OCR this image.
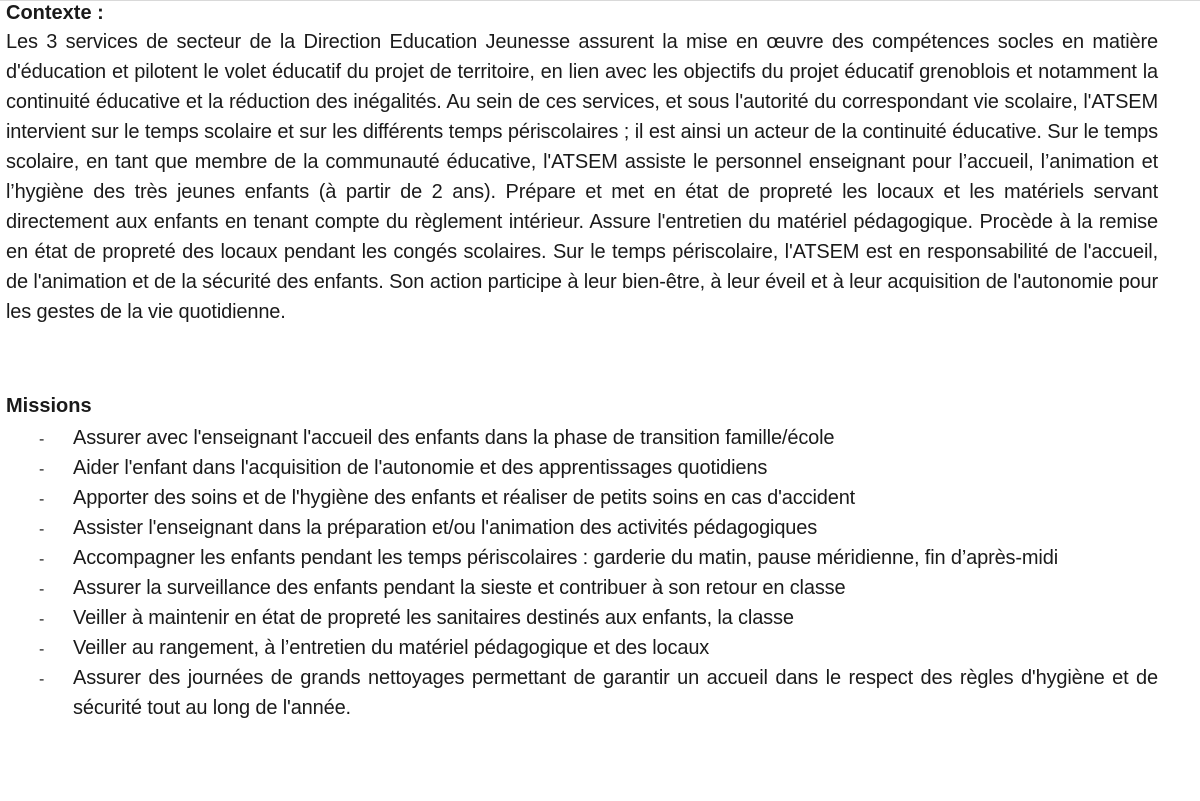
Contexte :

Les 3 services de secteur de la Direction Education Jeunesse assurent la mise en œuvre des compétences socles en matière d'éducation et pilotent le volet éducatif du projet de territoire, en lien avec les objectifs du projet éducatif grenoblois et notamment la continuité éducative et la réduction des inégalités. Au sein de ces services, et sous l'autorité du correspondant vie scolaire, l'ATSEM intervient sur le temps scolaire et sur les différents temps périscolaires ; il est ainsi un acteur de la continuité éducative. Sur le temps scolaire, en tant que membre de la communauté éducative, l'ATSEM assiste le personnel enseignant pour l’accueil, l’animation et l’hygiène des très jeunes enfants (à partir de 2 ans). Prépare et met en état de propreté les locaux et les matériels servant directement aux enfants en tenant compte du règlement intérieur. Assure l'entretien du matériel pédagogique. Procède à la remise en état de propreté des locaux pendant les congés scolaires. Sur le temps périscolaire, l'ATSEM est en responsabilité de l'accueil, de l'animation et de la sécurité des enfants. Son action participe à leur bien-être, à leur éveil et à leur acquisition de l'autonomie pour les gestes de la vie quotidienne.

Missions
- Assurer avec l'enseignant l'accueil des enfants dans la phase de transition famille/école
- Aider l'enfant dans l'acquisition de l'autonomie et des apprentissages quotidiens
- Apporter des soins et de l'hygiène des enfants et réaliser de petits soins en cas d'accident
- Assister l'enseignant dans la préparation et/ou l'animation des activités pédagogiques
- Accompagner les enfants pendant les temps périscolaires : garderie du matin, pause méridienne, fin d’après-midi
- Assurer la surveillance des enfants pendant la sieste et contribuer à son retour en classe
- Veiller à maintenir en état de propreté les sanitaires destinés aux enfants, la classe
- Veiller au rangement, à l’entretien du matériel pédagogique et des locaux
- Assurer des journées de grands nettoyages permettant de garantir un accueil dans le respect des règles d'hygiène et de sécurité tout au long de l'année.
